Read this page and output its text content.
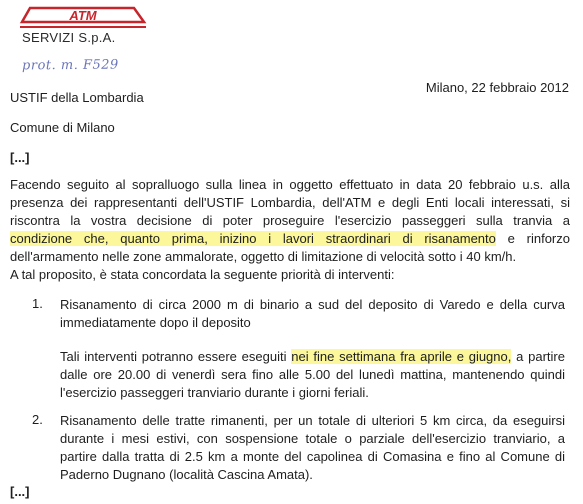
ATM
SERVIZI S.p.A.
prot. m. F529
Milano, 22 febbraio 2012
USTIF della Lombardia
Comune di Milano
[...]
Facendo seguito al sopralluogo sulla linea in oggetto effettuato in data 20 febbraio u.s. alla
presenza dei rappresentanti dell'USTIF Lombardia, dell'ATM e degli Enti locali interessati, si
riscontra la vostra decisione di poter proseguire l'esercizio passeggeri sulla tranvia a
condizione che, quanto prima, inizino i lavori straordinari di risanamento e rinforzo
dell'armamento nelle zone ammalorate, oggetto di limitazione di velocità sotto i 40 km/h.
A tal proposito, è stata concordata la seguente priorità di interventi:
1. Risanamento di circa 2000 m di binario a sud del deposito di Varedo e della curva
immediatamente dopo il deposito
Tali interventi potranno essere eseguiti nei fine settimana fra aprile e giugno, a partire
dalle ore 20.00 di venerdì sera fino alle 5.00 del lunedì mattina, mantenendo quindi
l'esercizio passeggeri tranviario durante i giorni feriali.
2. Risanamento delle tratte rimanenti, per un totale di ulteriori 5 km circa, da eseguirsi
durante i mesi estivi, con sospensione totale o parziale dell'esercizio tranviario, a
partire dalla tratta di 2.5 km a monte del capolinea di Comasina e fino al Comune di
Paderno Dugnano (località Cascina Amata).
[...]
